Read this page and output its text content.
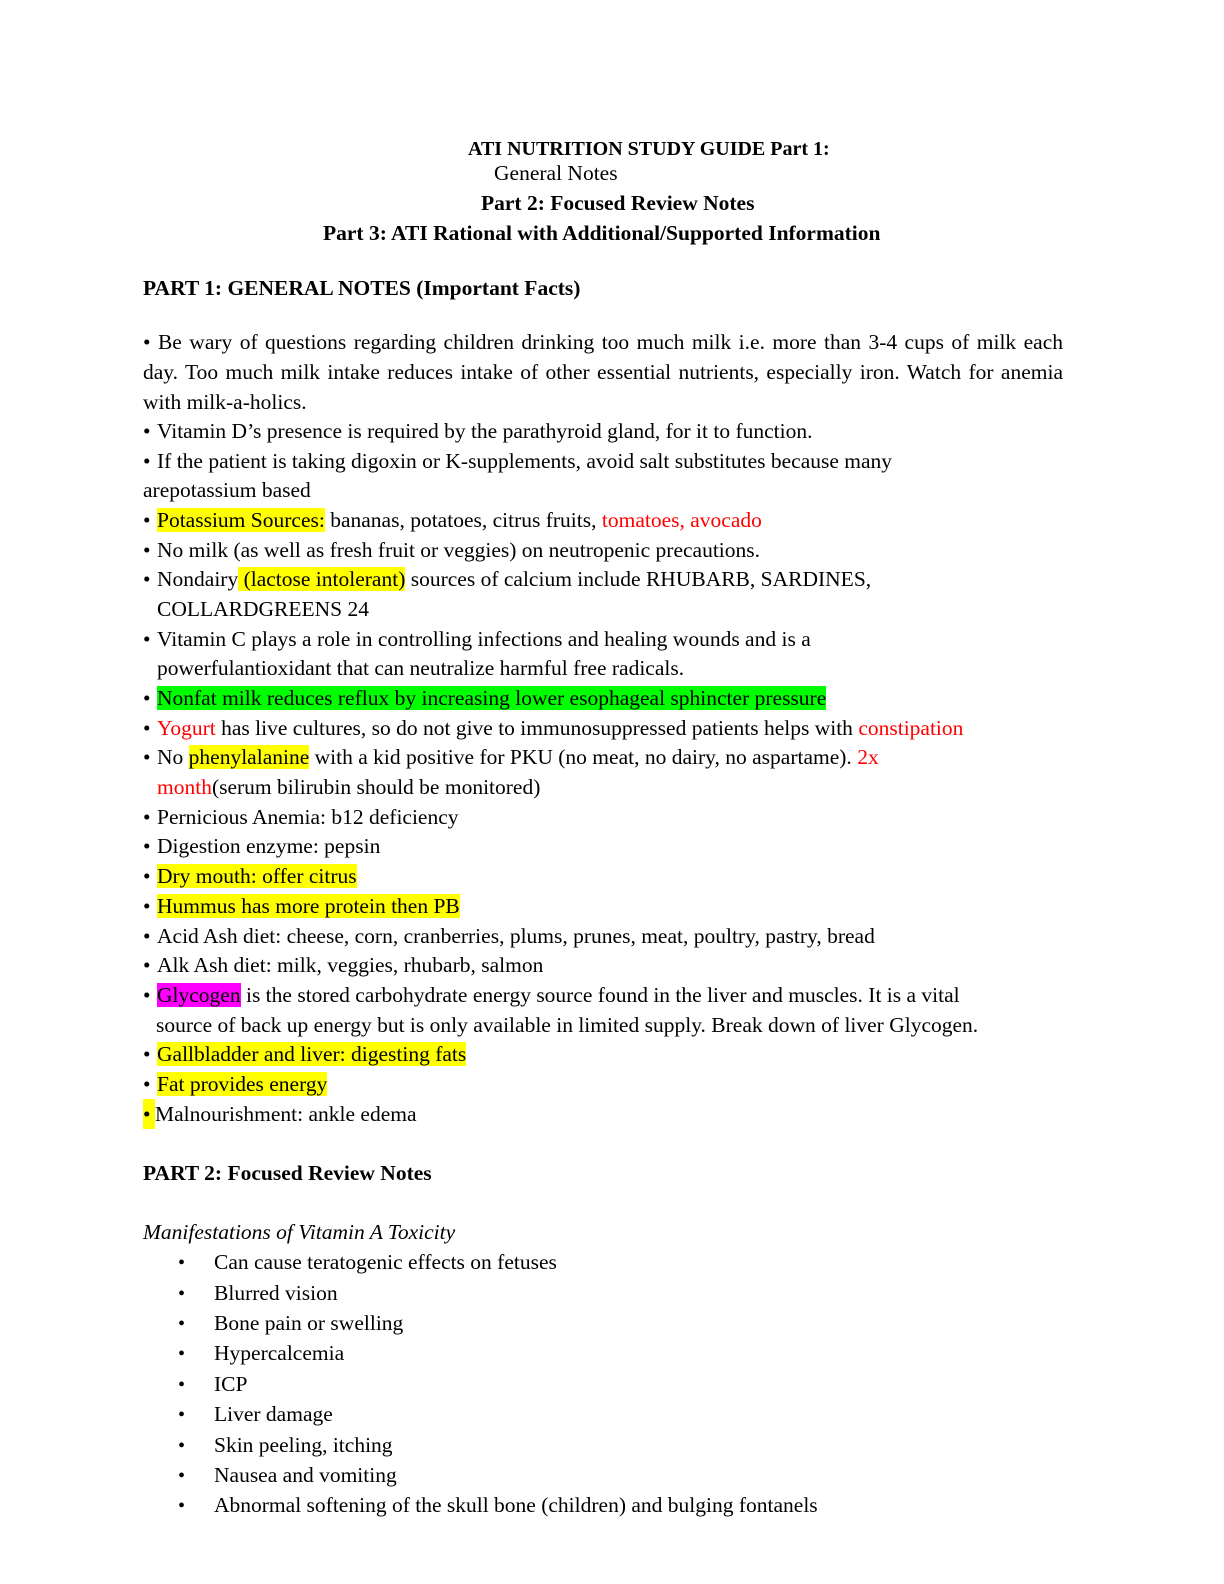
ATI NUTRITION STUDY GUIDE Part 1:
General Notes
Part 2: Focused Review Notes
Part 3: ATI Rational with Additional/Supported Information
PART 1: GENERAL NOTES (Important Facts)
• Be wary of questions regarding children drinking too much milk i.e. more than 3-4 cups of milk each day. Too much milk intake reduces intake of other essential nutrients, especially iron. Watch for anemia with milk-a-holics.
• Vitamin D’s presence is required by the parathyroid gland, for it to function.
• If the patient is taking digoxin or K-supplements, avoid salt substitutes because many
arepotassium based
• Potassium Sources: bananas, potatoes, citrus fruits, tomatoes, avocado
• No milk (as well as fresh fruit or veggies) on neutropenic precautions.
• Nondairy (lactose intolerant) sources of calcium include RHUBARB, SARDINES,
COLLARDGREENS 24
• Vitamin C plays a role in controlling infections and healing wounds and is a
powerfulantioxidant that can neutralize harmful free radicals.
• Nonfat milk reduces reflux by increasing lower esophageal sphincter pressure
• Yogurt has live cultures, so do not give to immunosuppressed patients helps with constipation
• No phenylalanine with a kid positive for PKU (no meat, no dairy, no aspartame). 2x
month(serum bilirubin should be monitored)
• Pernicious Anemia: b12 deficiency
• Digestion enzyme: pepsin
• Dry mouth: offer citrus
• Hummus has more protein then PB
• Acid Ash diet: cheese, corn, cranberries, plums, prunes, meat, poultry, pastry, bread
• Alk Ash diet: milk, veggies, rhubarb, salmon
• Glycogen is the stored carbohydrate energy source found in the liver and muscles. It is a vital
source of back up energy but is only available in limited supply. Break down of liver Glycogen.
• Gallbladder and liver: digesting fats
• Fat provides energy
• Malnourishment: ankle edema
PART 2: Focused Review Notes
Manifestations of Vitamin A Toxicity
• Can cause teratogenic effects on fetuses
• Blurred vision
• Bone pain or swelling
• Hypercalcemia
• ICP
• Liver damage
• Skin peeling, itching
• Nausea and vomiting
• Abnormal softening of the skull bone (children) and bulging fontanels
